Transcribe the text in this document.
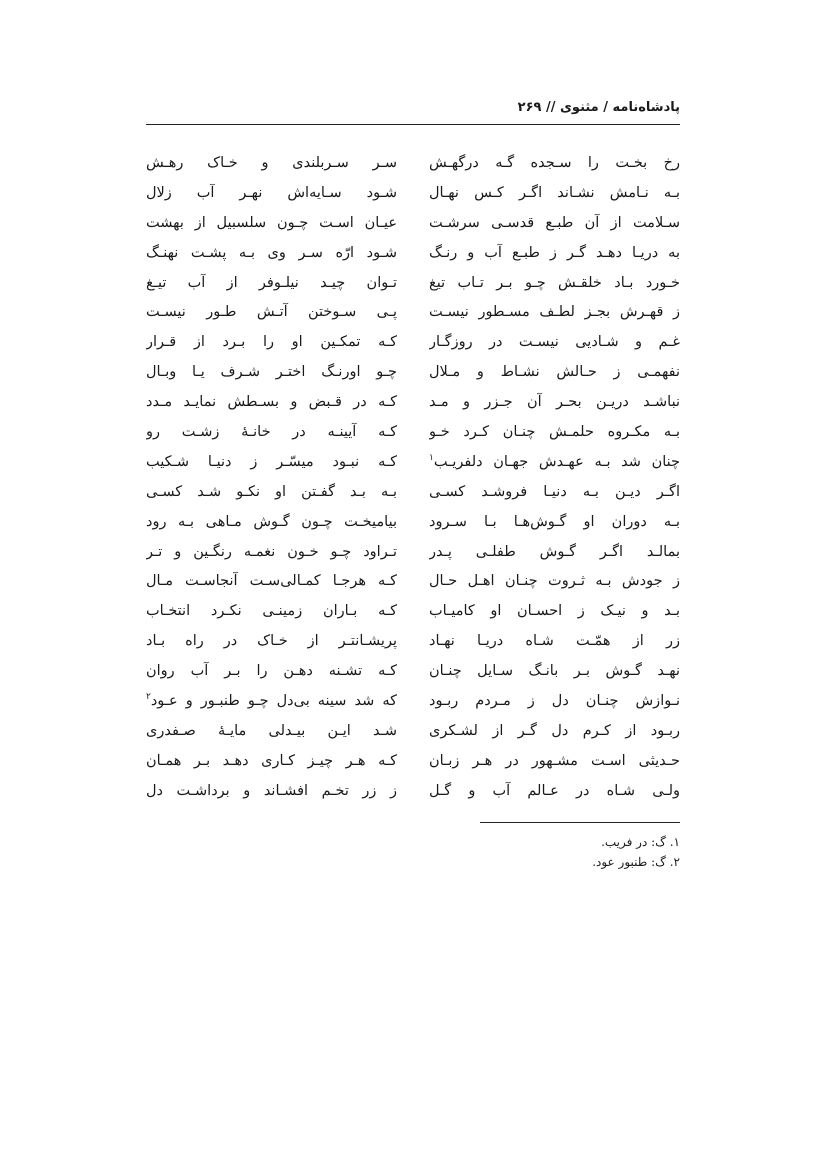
پادشاه‌نامه / مثنوی // ۲۶۹
رخ بخـت را سـجده گـه درگهـش
بـه نـامش نشـاند اگـر کـس نهـال
سـلامت از آن طبـع قدسـی سرشـت
به دریـا دهـد گـر ز طبـع آب و رنـگ
خـورد بـاد خلقـش چـو بـر تـاب تیغ
ز قهـرش بجـز لطـف مسـطور نیسـت
غـم و شـادیی نیسـت در روزگـار
نفهمـی ز حـالش نشـاط و مـلال
نباشـد دریـن بحـر آن جـزر و مـد
بـه مکـروه حلمـش چنـان کـرد خـو
چنان شد بـه عهـدش جهـان دلفریـب$^۱$
اگـر دیـن بـه دنیـا فروشـد کسـی
بـه دوران او گـوش‌هـا بـا سـرود
بمالـد اگـر گـوش طفلـی پـدر
ز جودش بـه ثـروت چنـان اهـل حـال
بـد و نیـک ز احسـان او کامیـاب
زر از همّـت شـاه دریـا نهـاد
نهـد گـوش بـر بانـگ سـایل چنـان
نـوازش چنـان دل ز مـردم ربـود
ربـود از کـرم دل گـر از لشـکری
حـدیثی اسـت مشـهور در هـر زبـان
ولـی شـاه در عـالم آب و گـل
سـر سـربلندی و خـاک رهـش
شـود سـایه‌اش نهـر آب زلال
عیـان اسـت چـون سلسبیل از بهشت
شـود ارّه سـر وی بـه پشـت نهنـگ
تـوان چیـد نیلـوفر از آب تیـغ
پـی سـوختن آتـش طـور نیسـت
کـه تمکـین او را بـرد از قـرار
چـو اورنـگ اختـر شـرف یـا وبـال
کـه در قـبض و بسـطش نمایـد مـدد
کـه آیینـه در خانـهٔ زشـت رو
کـه نبـود میسّـر ز دنیـا شـکیب
بـه بـد گفـتن او نکـو شـد کسـی
بیامیخـت چـون گـوش مـاهی بـه رود
تـراود چـو خـون نغمـه رنگـین و تـر
کـه هرجـا کمـالی‌سـت آنجاسـت مـال
کـه بـاران زمینـی نکـرد انتخـاب
پریشـانتـر از خـاک در راه بـاد
کـه تشـنه دهـن را بـر آب روان
که شد سینه بی‌دل چـو طنبـور و عـود$^۲$
شـد ایـن بیـدلی مایـهٔ صـفدری
کـه هـر چیـز کـاری دهـد بـر همـان
ز زر تخـم افشـاند و برداشـت دل
۱. گ: در فریب.
۲. گ: طنبور عود.
